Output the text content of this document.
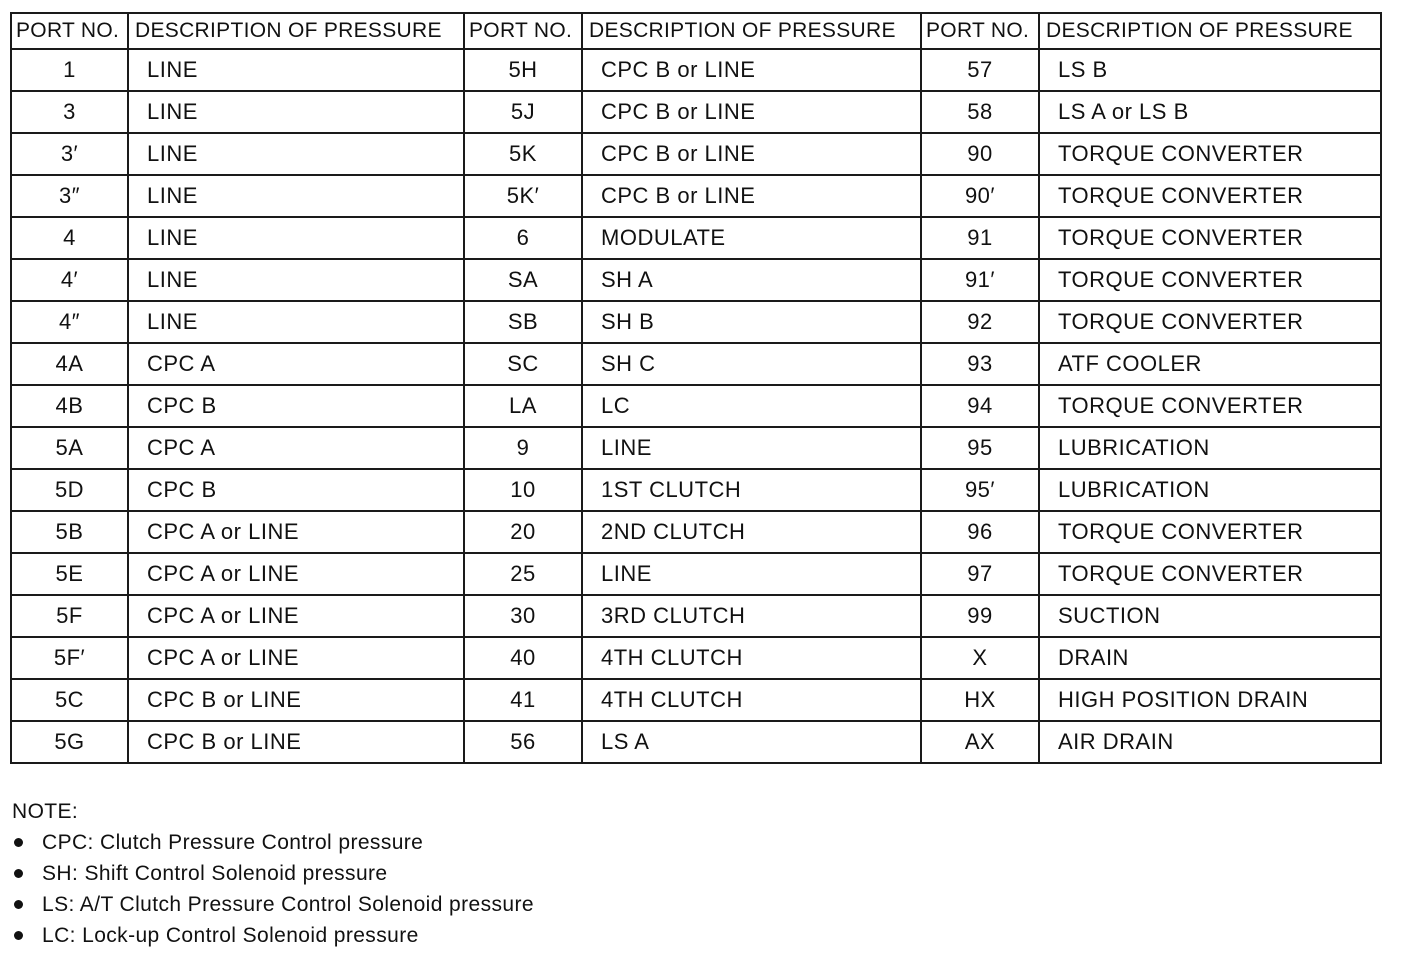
PORT NO.	DESCRIPTION OF PRESSURE	PORT NO.	DESCRIPTION OF PRESSURE	PORT NO.	DESCRIPTION OF PRESSURE
1	LINE	5H	CPC B or LINE	57	LS B
3	LINE	5J	CPC B or LINE	58	LS A or LS B
3′	LINE	5K	CPC B or LINE	90	TORQUE CONVERTER
3″	LINE	5K′	CPC B or LINE	90′	TORQUE CONVERTER
4	LINE	6	MODULATE	91	TORQUE CONVERTER
4′	LINE	SA	SH A	91′	TORQUE CONVERTER
4″	LINE	SB	SH B	92	TORQUE CONVERTER
4A	CPC A	SC	SH C	93	ATF COOLER
4B	CPC B	LA	LC	94	TORQUE CONVERTER
5A	CPC A	9	LINE	95	LUBRICATION
5D	CPC B	10	1ST CLUTCH	95′	LUBRICATION
5B	CPC A or LINE	20	2ND CLUTCH	96	TORQUE CONVERTER
5E	CPC A or LINE	25	LINE	97	TORQUE CONVERTER
5F	CPC A or LINE	30	3RD CLUTCH	99	SUCTION
5F′	CPC A or LINE	40	4TH CLUTCH	X	DRAIN
5C	CPC B or LINE	41	4TH CLUTCH	HX	HIGH POSITION DRAIN
5G	CPC B or LINE	56	LS A	AX	AIR DRAIN
NOTE:
CPC: Clutch Pressure Control pressure
SH: Shift Control Solenoid pressure
LS: A/T Clutch Pressure Control Solenoid pressure
LC: Lock-up Control Solenoid pressure
